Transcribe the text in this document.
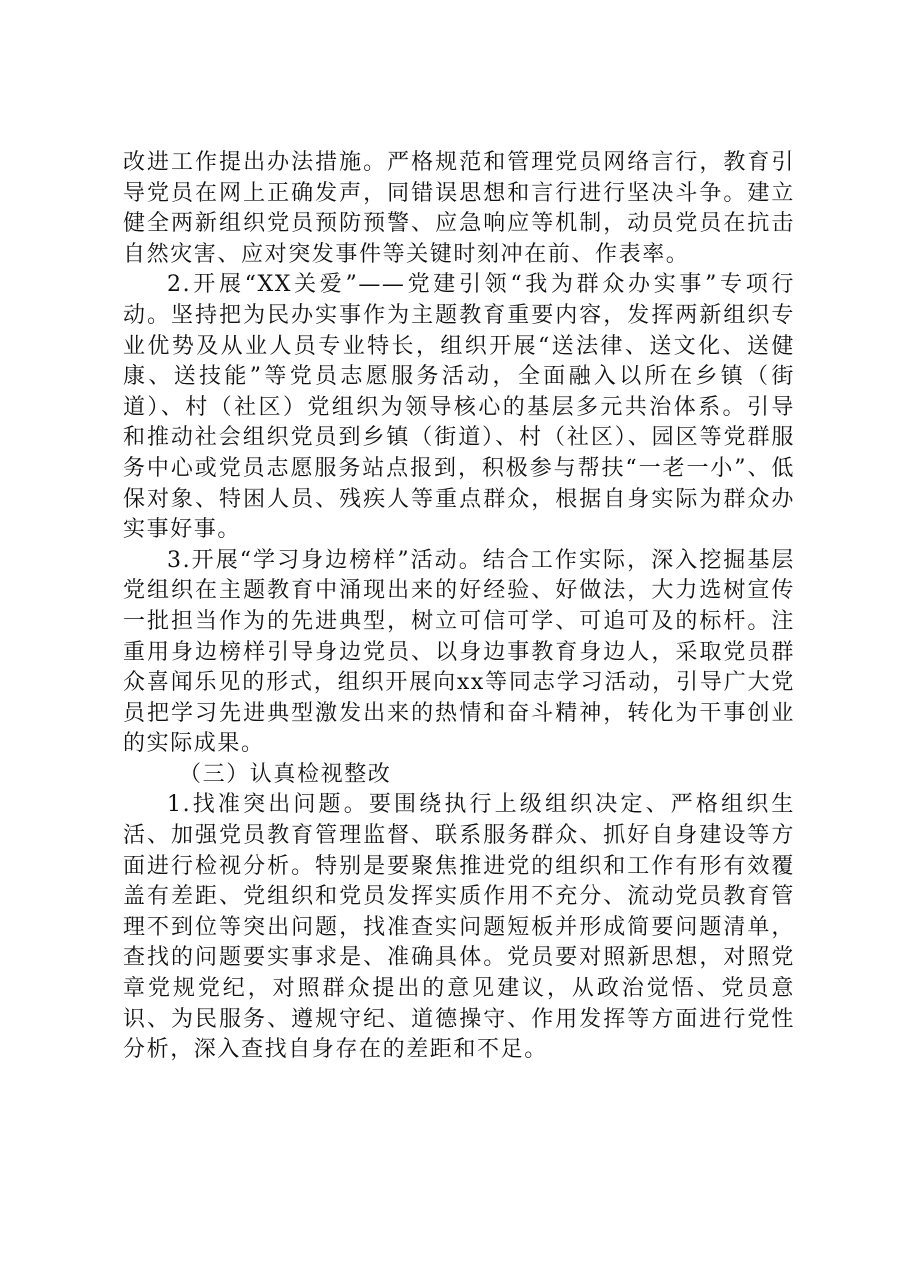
改进工作提出办法措施。严格规范和管理党员网络言行，教育引导党员在网上正确发声，同错误思想和言行进行坚决斗争。建立健全两新组织党员预防预警、应急响应等机制，动员党员在抗击自然灾害、应对突发事件等关键时刻冲在前、作表率。

2.开展“XX关爱”——党建引领“我为群众办实事”专项行动。坚持把为民办实事作为主题教育重要内容，发挥两新组织专业优势及从业人员专业特长，组织开展“送法律、送文化、送健康、送技能”等党员志愿服务活动，全面融入以所在乡镇（街道）、村（社区）党组织为领导核心的基层多元共治体系。引导和推动社会组织党员到乡镇（街道）、村（社区）、园区等党群服务中心或党员志愿服务站点报到，积极参与帮扶“一老一小”、低保对象、特困人员、残疾人等重点群众，根据自身实际为群众办实事好事。

3.开展“学习身边榜样”活动。结合工作实际，深入挖掘基层党组织在主题教育中涌现出来的好经验、好做法，大力选树宣传一批担当作为的先进典型，树立可信可学、可追可及的标杆。注重用身边榜样引导身边党员、以身边事教育身边人，采取党员群众喜闻乐见的形式，组织开展向xx等同志学习活动，引导广大党员把学习先进典型激发出来的热情和奋斗精神，转化为干事创业的实际成果。

（三）认真检视整改

1.找准突出问题。要围绕执行上级组织决定、严格组织生活、加强党员教育管理监督、联系服务群众、抓好自身建设等方面进行检视分析。特别是要聚焦推进党的组织和工作有形有效覆盖有差距、党组织和党员发挥实质作用不充分、流动党员教育管理不到位等突出问题，找准查实问题短板并形成简要问题清单，查找的问题要实事求是、准确具体。党员要对照新思想，对照党章党规党纪，对照群众提出的意见建议，从政治觉悟、党员意识、为民服务、遵规守纪、道德操守、作用发挥等方面进行党性分析，深入查找自身存在的差距和不足。
